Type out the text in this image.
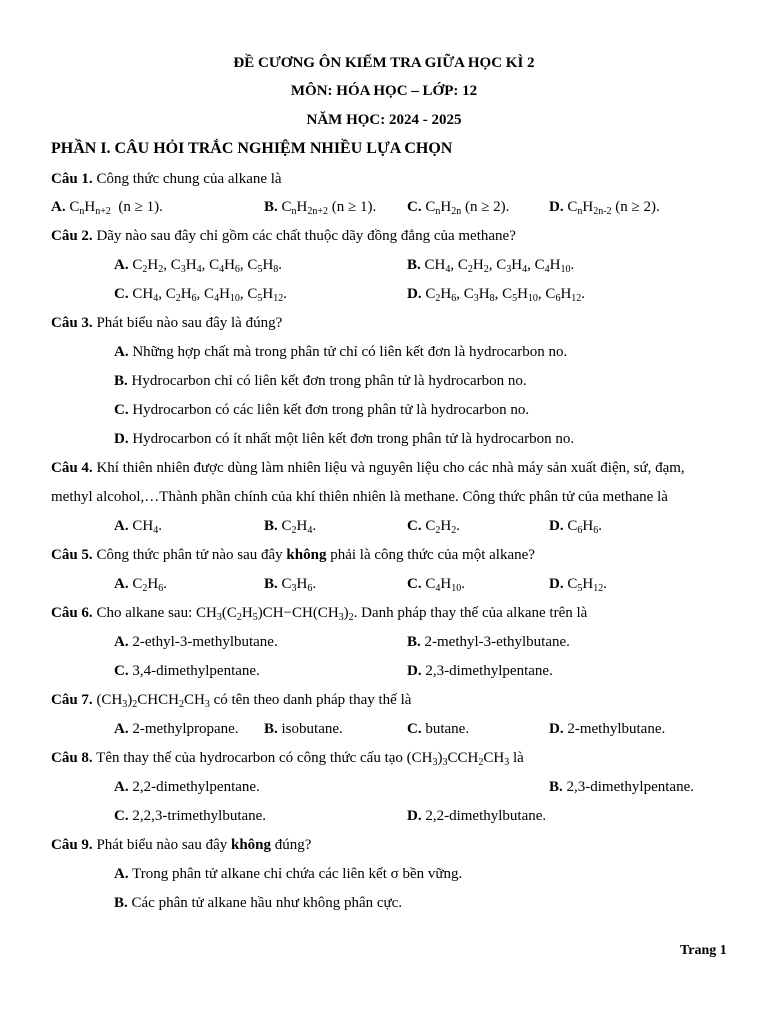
ĐỀ CƯƠNG ÔN KIỂM TRA GIỮA HỌC KÌ 2
MÔN: HÓA HỌC – LỚP: 12
NĂM HỌC: 2024 - 2025
PHẦN I. CÂU HỎI TRẮC NGHIỆM NHIỀU LỰA CHỌN
Câu 1. Công thức chung của alkane là
A. $C_nH_{n+2}$  (n ≥ 1).	B. $C_nH_{2n+2}$ (n ≥ 1). C. $C_nH_{2n}$ (n ≥ 2).	D. $C_nH_{2n-2}$ (n ≥ 2).
Câu 2. Dãy nào sau đây chỉ gồm các chất thuộc dãy đồng đẳng của methane?
A. $C_2H_2$, $C_3H_4$, $C_4H_6$, $C_5H_8$.	B. $CH_4$, $C_2H_2$, $C_3H_4$, $C_4H_{10}$.
C. $CH_4$, $C_2H_6$, $C_4H_{10}$, $C_5H_{12}$.	D. $C_2H_6$, $C_3H_8$, $C_5H_{10}$, $C_6H_{12}$.
Câu 3. Phát biểu nào sau đây là đúng?
A. Những hợp chất mà trong phân tử chỉ có liên kết đơn là hydrocarbon no.
B. Hydrocarbon chỉ có liên kết đơn trong phân tử là hydrocarbon no.
C. Hydrocarbon có các liên kết đơn trong phân tử là hydrocarbon no.
D. Hydrocarbon có ít nhất một liên kết đơn trong phân tử là hydrocarbon no.
Câu 4. Khí thiên nhiên được dùng làm nhiên liệu và nguyên liệu cho các nhà máy sản xuất điện, sứ, đạm,
methyl alcohol,…Thành phần chính của khí thiên nhiên là methane. Công thức phân tử của methane là
A. $CH_4$.	B. $C_2H_4$.	C. $C_2H_2$.	D. $C_6H_6$.
Câu 5. Công thức phân tử nào sau đây không phải là công thức của một alkane?
A. $C_2H_6$.	B. $C_3H_6$.	C. $C_4H_{10}$.	D. $C_5H_{12}$.
Câu 6. Cho alkane sau: $CH_3(C_2H_5)CH-CH(CH_3)_2$. Danh pháp thay thế của alkane trên là
A. 2-ethyl-3-methylbutane.	B. 2-methyl-3-ethylbutane.
C. 3,4-dimethylpentane.	D. 2,3-dimethylpentane.
Câu 7. $(CH_3)_2CHCH_2CH_3$ có tên theo danh pháp thay thế là
A. 2-methylpropane. B. isobutane.	C. butane.	D. 2-methylbutane.
Câu 8. Tên thay thế của hydrocarbon có công thức cấu tạo $(CH_3)_3CCH_2CH_3$ là
A. 2,2-dimethylpentane.	B. 2,3-dimethylpentane.
C. 2,2,3-trimethylbutane.	D. 2,2-dimethylbutane.
Câu 9. Phát biểu nào sau đây không đúng?
A. Trong phân tử alkane chỉ chứa các liên kết σ bền vững.
B. Các phân tử alkane hầu như không phân cực.
Trang 1
